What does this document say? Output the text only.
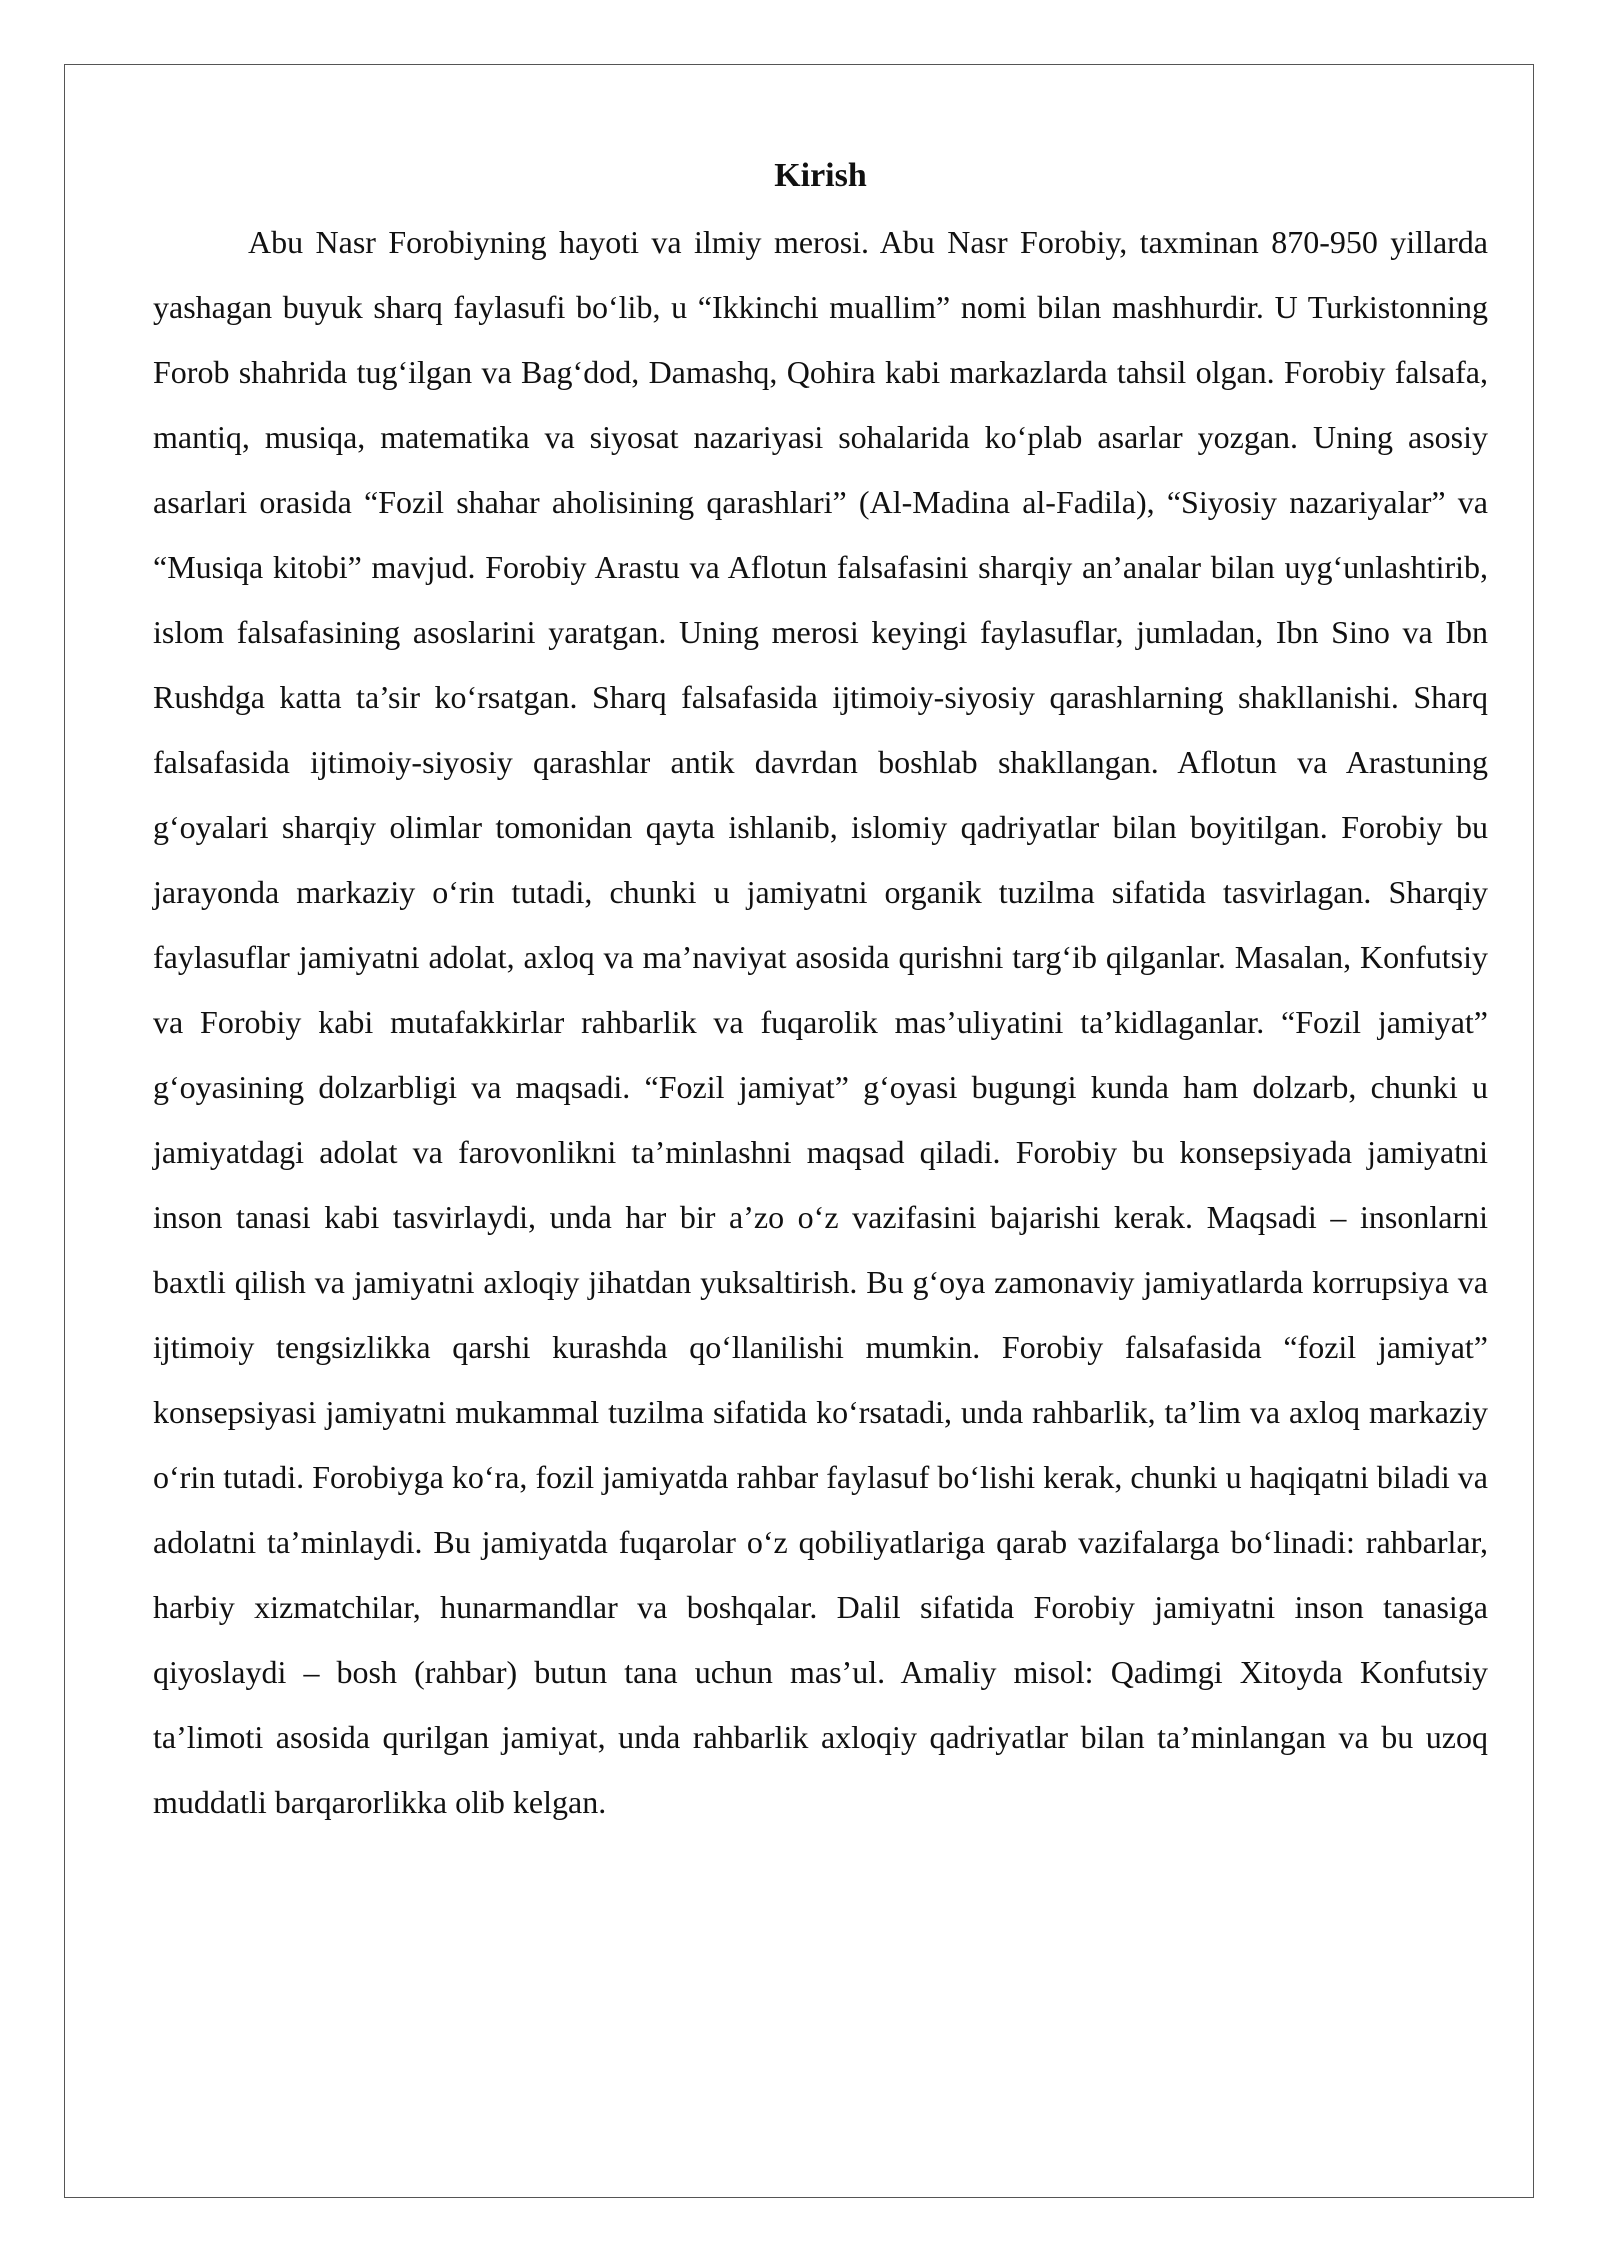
Kirish

Abu Nasr Forobiyning hayoti va ilmiy merosi. Abu Nasr Forobiy, taxminan 870-950 yillarda yashagan buyuk sharq faylasufi bo‘lib, u “Ikkinchi muallim” nomi bilan mashhurdir. U Turkistonning Forob shahrida tug‘ilgan va Bag‘dod, Damashq, Qohira kabi markazlarda tahsil olgan. Forobiy falsafa, mantiq, musiqa, matematika va siyosat nazariyasi sohalarida ko‘plab asarlar yozgan. Uning asosiy asarlari orasida “Fozil shahar aholisining qarashlari” (Al-Madina al-Fadila), “Siyosiy nazariyalar” va “Musiqa kitobi” mavjud. Forobiy Arastu va Aflotun falsafasini sharqiy an’analar bilan uyg‘unlashtirib, islom falsafasining asoslarini yaratgan. Uning merosi keyingi faylasuflar, jumladan, Ibn Sino va Ibn Rushdga katta ta’sir ko‘rsatgan. Sharq falsafasida ijtimoiy-siyosiy qarashlarning shakllanishi. Sharq falsafasida ijtimoiy-siyosiy qarashlar antik davrdan boshlab shakllangan. Aflotun va Arastuning g‘oyalari sharqiy olimlar tomonidan qayta ishlanib, islomiy qadriyatlar bilan boyitilgan. Forobiy bu jarayonda markaziy o‘rin tutadi, chunki u jamiyatni organik tuzilma sifatida tasvirlagan. Sharqiy faylasuflar jamiyatni adolat, axloq va ma’naviyat asosida qurishni targ‘ib qilganlar. Masalan, Konfutsiy va Forobiy kabi mutafakkirlar rahbarlik va fuqarolik mas’uliyatini ta’kidlaganlar. “Fozil jamiyat” g‘oyasining dolzarbligi va maqsadi. “Fozil jamiyat” g‘oyasi bugungi kunda ham dolzarb, chunki u jamiyatdagi adolat va farovonlikni ta’minlashni maqsad qiladi. Forobiy bu konsepsiyada jamiyatni inson tanasi kabi tasvirlaydi, unda har bir a’zo o‘z vazifasini bajarishi kerak. Maqsadi – insonlarni baxtli qilish va jamiyatni axloqiy jihatdan yuksaltirish. Bu g‘oya zamonaviy jamiyatlarda korrupsiya va ijtimoiy tengsizlikka qarshi kurashda qo‘llanilishi mumkin. Forobiy falsafasida “fozil jamiyat” konsepsiyasi jamiyatni mukammal tuzilma sifatida ko‘rsatadi, unda rahbarlik, ta’lim va axloq markaziy o‘rin tutadi. Forobiyga ko‘ra, fozil jamiyatda rahbar faylasuf bo‘lishi kerak, chunki u haqiqatni biladi va adolatni ta’minlaydi. Bu jamiyatda fuqarolar o‘z qobiliyatlariga qarab vazifalarga bo‘linadi: rahbarlar, harbiy xizmatchilar, hunarmandlar va boshqalar. Dalil sifatida Forobiy jamiyatni inson tanasiga qiyoslaydi – bosh (rahbar) butun tana uchun mas’ul. Amaliy misol: Qadimgi Xitoyda Konfutsiy ta’limoti asosida qurilgan jamiyat, unda rahbarlik axloqiy qadriyatlar bilan ta’minlangan va bu uzoq muddatli barqarorlikka olib kelgan.
